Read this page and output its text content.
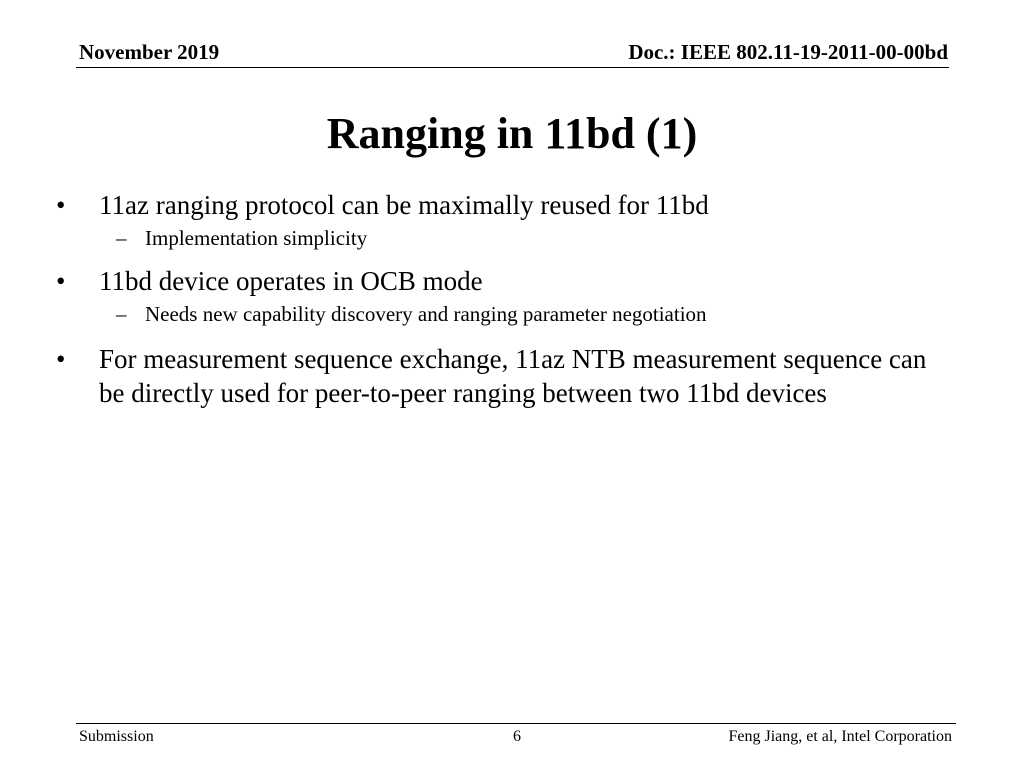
November 2019	Doc.: IEEE 802.11-19-2011-00-00bd
Ranging in 11bd (1)
• 11az ranging protocol can be maximally reused for 11bd
– Implementation simplicity
• 11bd device operates in OCB mode
– Needs new capability discovery and ranging parameter negotiation
• For measurement sequence exchange, 11az NTB measurement sequence can be directly used for peer-to-peer ranging between two 11bd devices
Submission	6	Feng Jiang, et al, Intel Corporation
